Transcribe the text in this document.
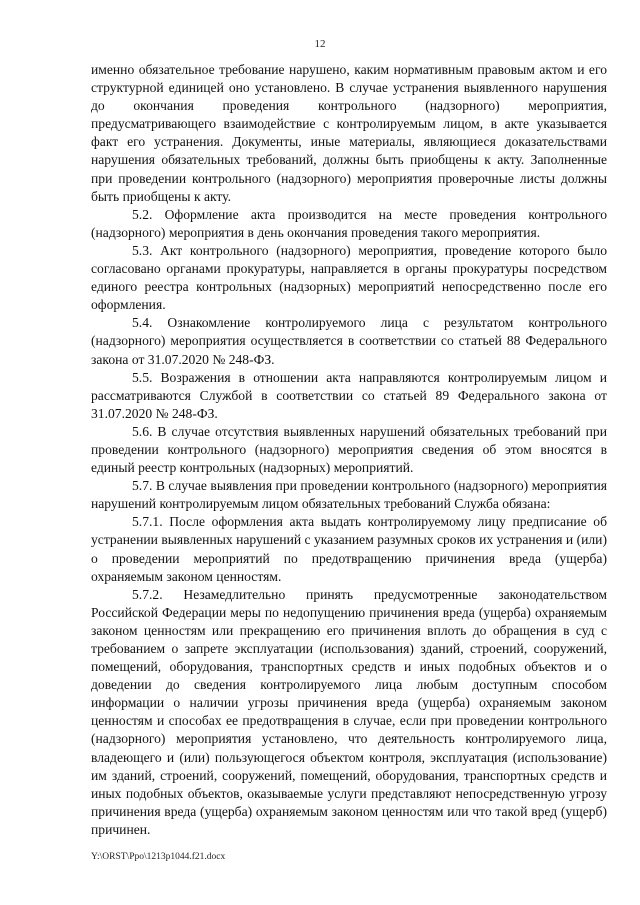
12

именно обязательное требование нарушено, каким нормативным правовым актом и его структурной единицей оно установлено. В случае устранения выявленного нарушения до окончания проведения контрольного (надзорного) мероприятия, предусматривающего взаимодействие с контролируемым лицом, в акте указывается факт его устранения. Документы, иные материалы, являющиеся доказательствами нарушения обязательных требований, должны быть приобщены к акту. Заполненные при проведении контрольного (надзорного) мероприятия проверочные листы должны быть приобщены к акту.

5.2. Оформление акта производится на месте проведения контрольного (надзорного) мероприятия в день окончания проведения такого мероприятия.

5.3. Акт контрольного (надзорного) мероприятия, проведение которого было согласовано органами прокуратуры, направляется в органы прокуратуры посредством единого реестра контрольных (надзорных) мероприятий непосредственно после его оформления.

5.4. Ознакомление контролируемого лица с результатом контрольного (надзорного) мероприятия осуществляется в соответствии со статьей 88 Федерального закона от 31.07.2020 № 248-ФЗ.

5.5. Возражения в отношении акта направляются контролируемым лицом и рассматриваются Службой в соответствии со статьей 89 Федерального закона от 31.07.2020 № 248-ФЗ.

5.6. В случае отсутствия выявленных нарушений обязательных требований при проведении контрольного (надзорного) мероприятия сведения об этом вносятся в единый реестр контрольных (надзорных) мероприятий.

5.7. В случае выявления при проведении контрольного (надзорного) мероприятия нарушений контролируемым лицом обязательных требований Служба обязана:

5.7.1. После оформления акта выдать контролируемому лицу предписание об устранении выявленных нарушений с указанием разумных сроков их устранения и (или) о проведении мероприятий по предотвращению причинения вреда (ущерба) охраняемым законом ценностям.

5.7.2. Незамедлительно принять предусмотренные законодательством Российской Федерации меры по недопущению причинения вреда (ущерба) охраняемым законом ценностям или прекращению его причинения вплоть до обращения в суд с требованием о запрете эксплуатации (использования) зданий, строений, сооружений, помещений, оборудования, транспортных средств и иных подобных объектов и о доведении до сведения контролируемого лица любым доступным способом информации о наличии угрозы причинения вреда (ущерба) охраняемым законом ценностям и способах ее предотвращения в случае, если при проведении контрольного (надзорного) мероприятия установлено, что деятельность контролируемого лица, владеющего и (или) пользующегося объектом контроля, эксплуатация (использование) им зданий, строений, сооружений, помещений, оборудования, транспортных средств и иных подобных объектов, оказываемые услуги представляют непосредственную угрозу причинения вреда (ущерба) охраняемым законом ценностям или что такой вред (ущерб) причинен.

Y:\ORST\Ppo\1213p1044.f21.docx
